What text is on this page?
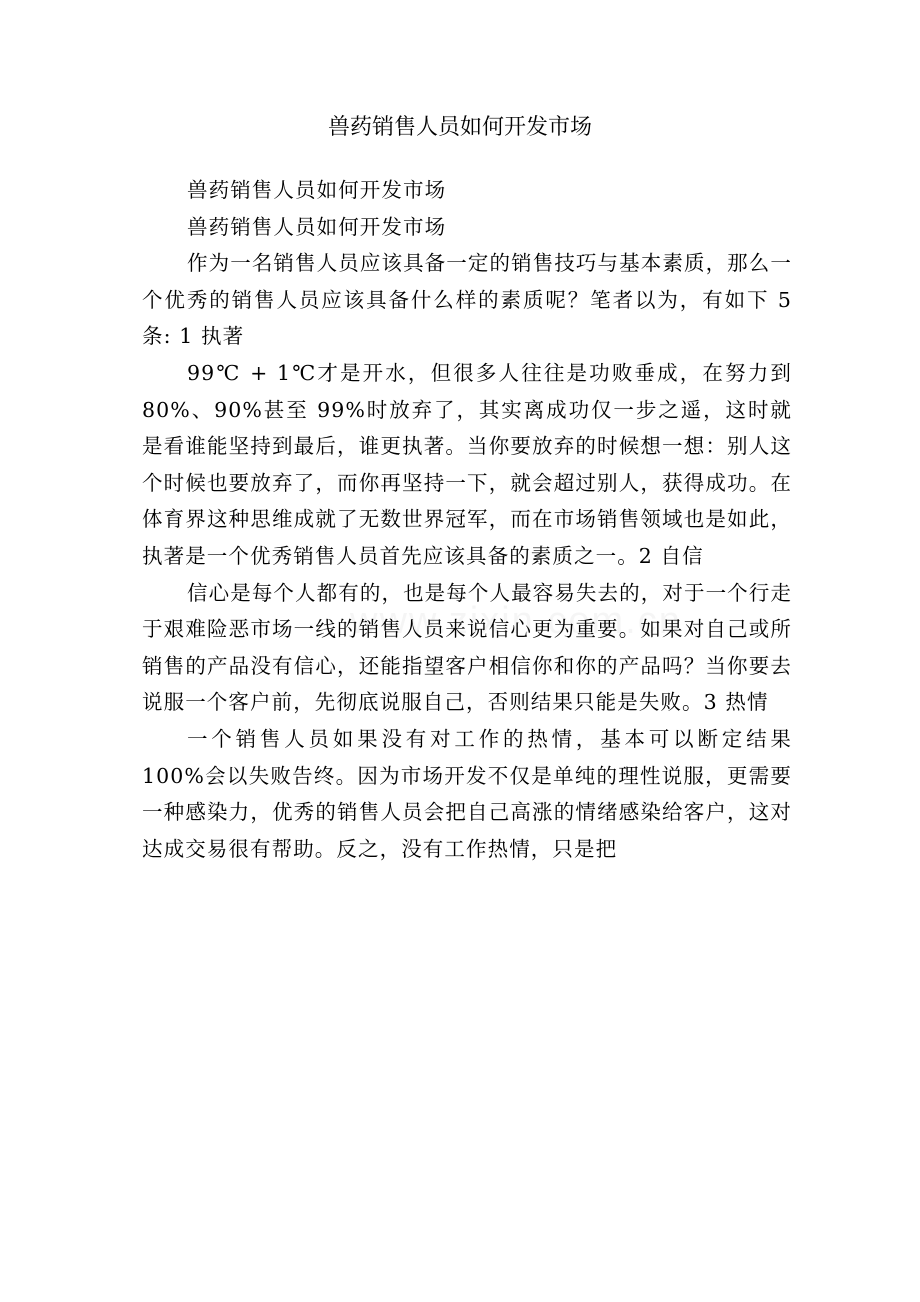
兽药销售人员如何开发市场

兽药销售人员如何开发市场

兽药销售人员如何开发市场

作为一名销售人员应该具备一定的销售技巧与基本素质，那么一个优秀的销售人员应该具备什么样的素质呢？笔者以为，有如下 5 条: 1 执著

99℃ + 1℃才是开水，但很多人往往是功败垂成，在努力到 80%、90%甚至 99%时放弃了，其实离成功仅一步之遥，这时就是看谁能坚持到最后，谁更执著。当你要放弃的时候想一想：别人这个时候也要放弃了，而你再坚持一下，就会超过别人，获得成功。在体育界这种思维成就了无数世界冠军，而在市场销售领域也是如此，执著是一个优秀销售人员首先应该具备的素质之一。2 自信

信心是每个人都有的，也是每个人最容易失去的，对于一个行走于艰难险恶市场一线的销售人员来说信心更为重要。如果对自己或所销售的产品没有信心，还能指望客户相信你和你的产品吗？当你要去说服一个客户前，先彻底说服自己，否则结果只能是失败。3 热情

一个销售人员如果没有对工作的热情，基本可以断定结果 100%会以失败告终。因为市场开发不仅是单纯的理性说服，更需要一种感染力，优秀的销售人员会把自己高涨的情绪感染给客户，这对达成交易很有帮助。反之，没有工作热情，只是把
